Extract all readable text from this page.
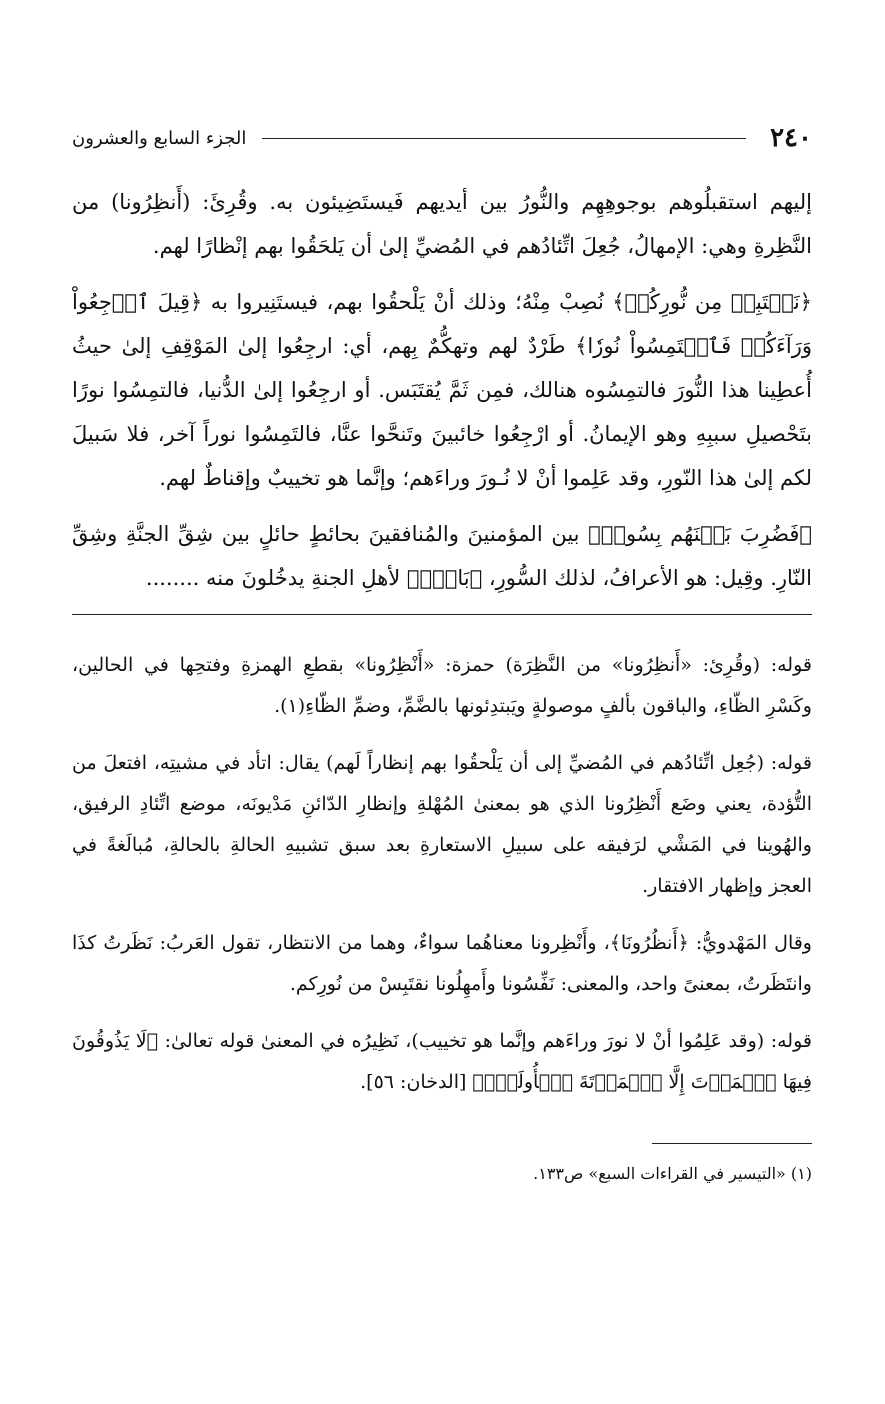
٢٤٠
الجزء السابع والعشرون

إليهم استقبلُوهم بوجوهِهِم والنُّورُ بين أيديهم فَيستَضِيئون به. وقُرِئَ: (أَنظِرُونا) من النَّظِرةِ وهي: الإمهالُ، جُعِلَ اتِّئادُهم في المُضيِّ إلىٰ أن يَلحَقُوا بهم إنْظارًا لهم.

﴿نَقۡتَبِسۡ مِن نُّورِكُمۡ﴾ نُصِبْ مِنْهُ؛ وذلك أنْ يَلْحقُوا بهم، فيستَنِيروا به ﴿قِيلَ ٱرۡجِعُواْ وَرَآءَكُمۡ فَٱلۡتَمِسُواْ نُورٗا﴾ طَرْدٌ لهم وتهكُّمٌ بِهم، أي: ارجِعُوا إلىٰ المَوْقِفِ إلىٰ حيثُ أُعطِينا هذا النُّورَ فالتمِسُوه هنالك، فمِن ثَمَّ يُقتَبَس. أو ارجِعُوا إلىٰ الدُّنيا، فالتمِسُوا نورًا بتَحْصيلِ سببِهِ وهو الإيمانُ. أو ارْجِعُوا خائبينَ وتَنحَّوا عنَّا، فالتَمِسُوا نوراً آخر، فلا سَبيلَ لكم إلىٰ هذا النّورِ، وقد عَلِموا أنْ لا نُـورَ وراءَهم؛ وإنَّما هو تخييبٌ وإقناطٌ لهم.

﴿فَضُرِبَ بَيۡنَهُم بِسُورٖ﴾ بين المؤمنينَ والمُنافقينَ بحائطٍ حائلٍ بين شِقِّ الجنَّةِ وشِقِّ النّارِ. وقِيل: هو الأعرافُ، لذلك السُّورِ، ﴿بَابُۢ﴾ لأهلِ الجنةِ يدخُلونَ منه ........

قوله: (وقُرِئ: «أَنظِرُونا» من النَّظِرَة) حمزة: «أَنْظِرُونا» بقطعِ الهمزةِ وفتحِها في الحالين، وكَسْرِ الظّاءِ، والباقون بألفٍ موصولةٍ ويَبتدِئونها بالضَّمِّ، وضمِّ الظّاءِ(١).

قوله: (جُعِل اتِّئادُهم في المُضيِّ إلى أن يَلْحقُوا بهم إنظاراً لَهم) يقال: اتأد في مشيتِه، افتعلَ من التُّؤدة، يعني وضَع أَنْظِرُونا الذي هو بمعنىٰ المُهْلةِ وإنظارِ الدّائنِ مَدْيونَه، موضع اتِّئادِ الرفيق، والهُوينا في المَشْي لرَفيقه على سبيلِ الاستعارةِ بعد سبق تشبيهِ الحالةِ بالحالةِ، مُبالَغةً في العجز وإظهار الافتقار.

وقال المَهْدويُّ: ﴿أَنظُرُونَا﴾، وأَنْظِرونا معناهُما سواءٌ، وهما من الانتظار، تقول العَربُ: نَظَرتُ كذَا وانتَظَرتُ، بمعنىً واحد، والمعنى: نَفِّسُونا وأَمهِلُونا نقتَبِسْ من نُورِكم.

قوله: (وقد عَلِمُوا أنْ لا نورَ وراءَهم وإنَّما هو تخييب)، نَظِيرُه في المعنىٰ قوله تعالىٰ: ﴿لَا يَذُوقُونَ فِيهَا ٱلۡمَوۡتَ إِلَّا ٱلۡمَوۡتَةَ ٱلۡأُولَىٰۖ﴾ [الدخان: ٥٦].

(١) «التيسير في القراءات السبع» ص١٣٣.
